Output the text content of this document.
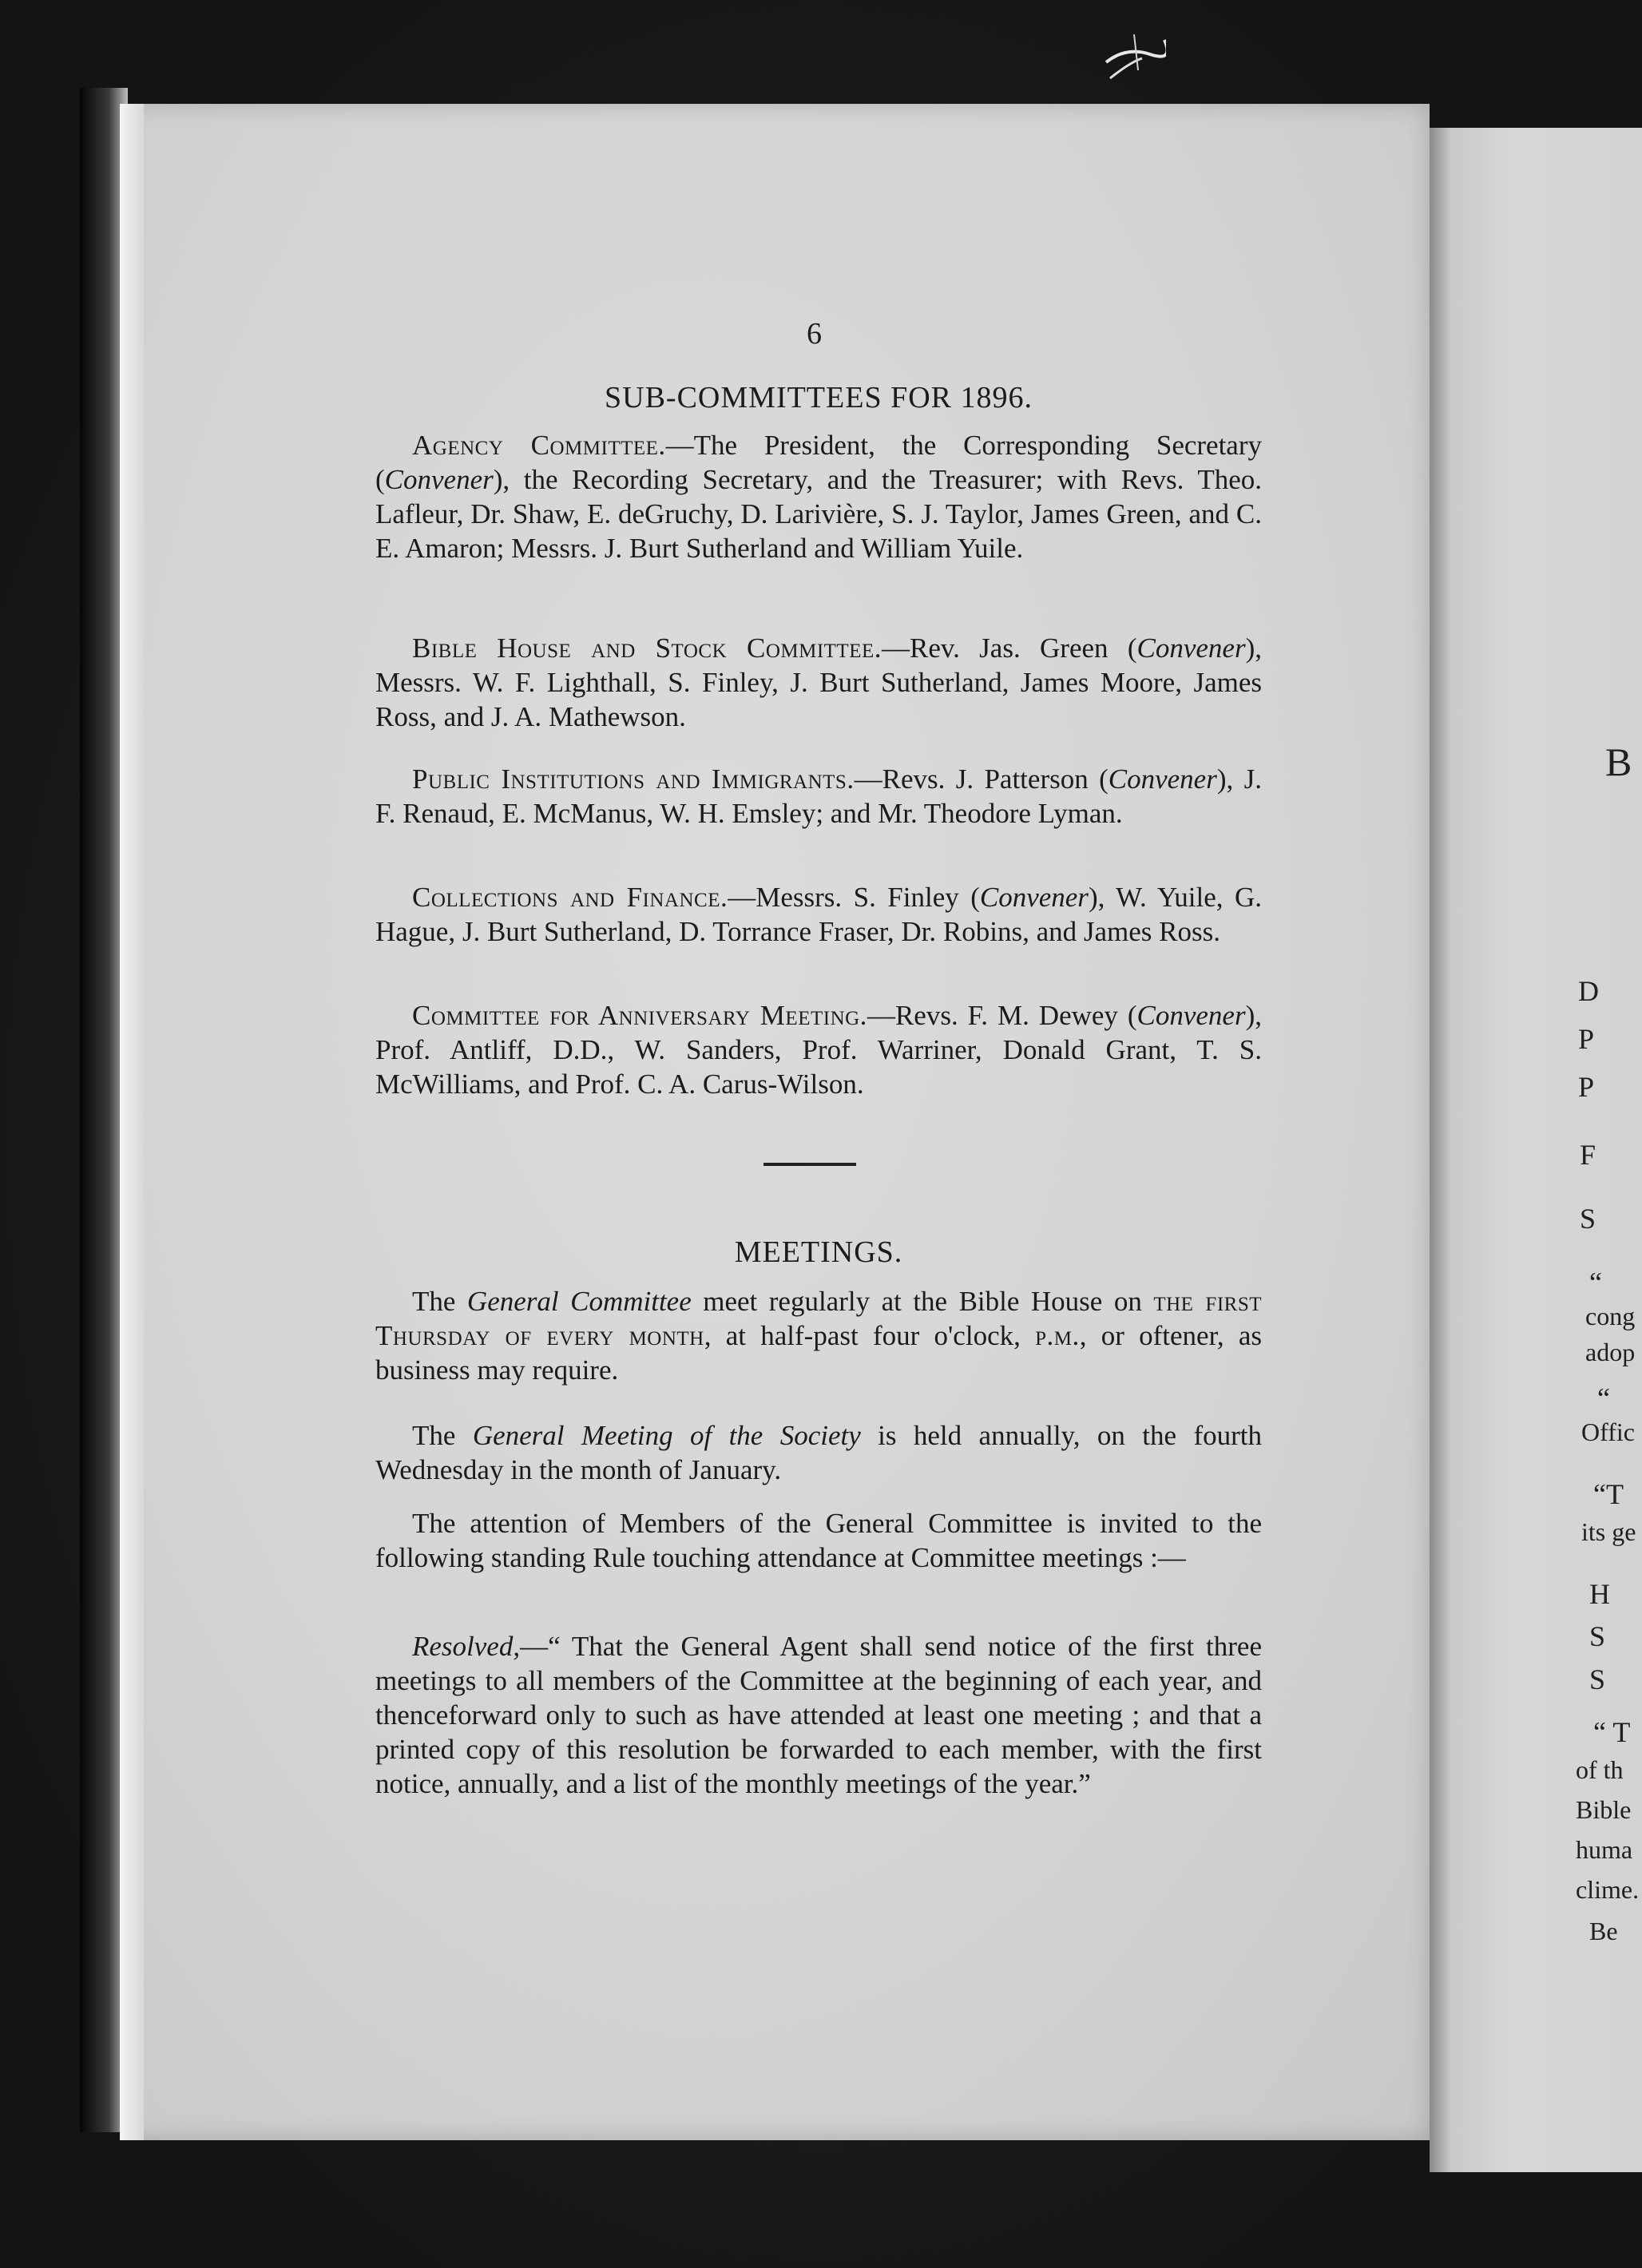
B
D
P
P
F
S
“
cong
adop
“
Offic
“T
its ge
H
S
S
“ T
of th
Bible
huma
clime.
Be
6
SUB-COMMITTEES FOR 1896.

Agency Committee.—The President, the Corresponding Secretary (Convener), the Recording Secretary, and the Treasurer; with Revs. Theo. Lafleur, Dr. Shaw, E. deGruchy, D. Larivière, S. J. Taylor, James Green, and C. E. Amaron; Messrs. J. Burt Sutherland and William Yuile.

Bible House and Stock Committee.—Rev. Jas. Green (Convener), Messrs. W. F. Lighthall, S. Finley, J. Burt Sutherland, James Moore, James Ross, and J. A. Mathewson.

Public Institutions and Immigrants.—Revs. J. Patterson (Convener), J. F. Renaud, E. McManus, W. H. Emsley; and Mr. Theodore Lyman.

Collections and Finance.—Messrs. S. Finley (Convener), W. Yuile, G. Hague, J. Burt Sutherland, D. Torrance Fraser, Dr. Robins, and James Ross.

Committee for Anniversary Meeting.—Revs. F. M. Dewey (Convener), Prof. Antliff, D.D., W. Sanders, Prof. Warriner, Donald Grant, T. S. McWilliams, and Prof. C. A. Carus-Wilson.

MEETINGS.

The General Committee meet regularly at the Bible House on the first Thursday of every month, at half-past four o'clock, p.m., or oftener, as business may require.

The General Meeting of the Society is held annually, on the fourth Wednesday in the month of January.

The attention of Members of the General Committee is invited to the following standing Rule touching attendance at Committee meetings :—

Resolved,—“ That the General Agent shall send notice of the first three meetings to all members of the Committee at the beginning of each year, and thenceforward only to such as have attended at least one meeting ; and that a printed copy of this resolution be forwarded to each member, with the first notice, annually, and a list of the monthly meetings of the year.”
